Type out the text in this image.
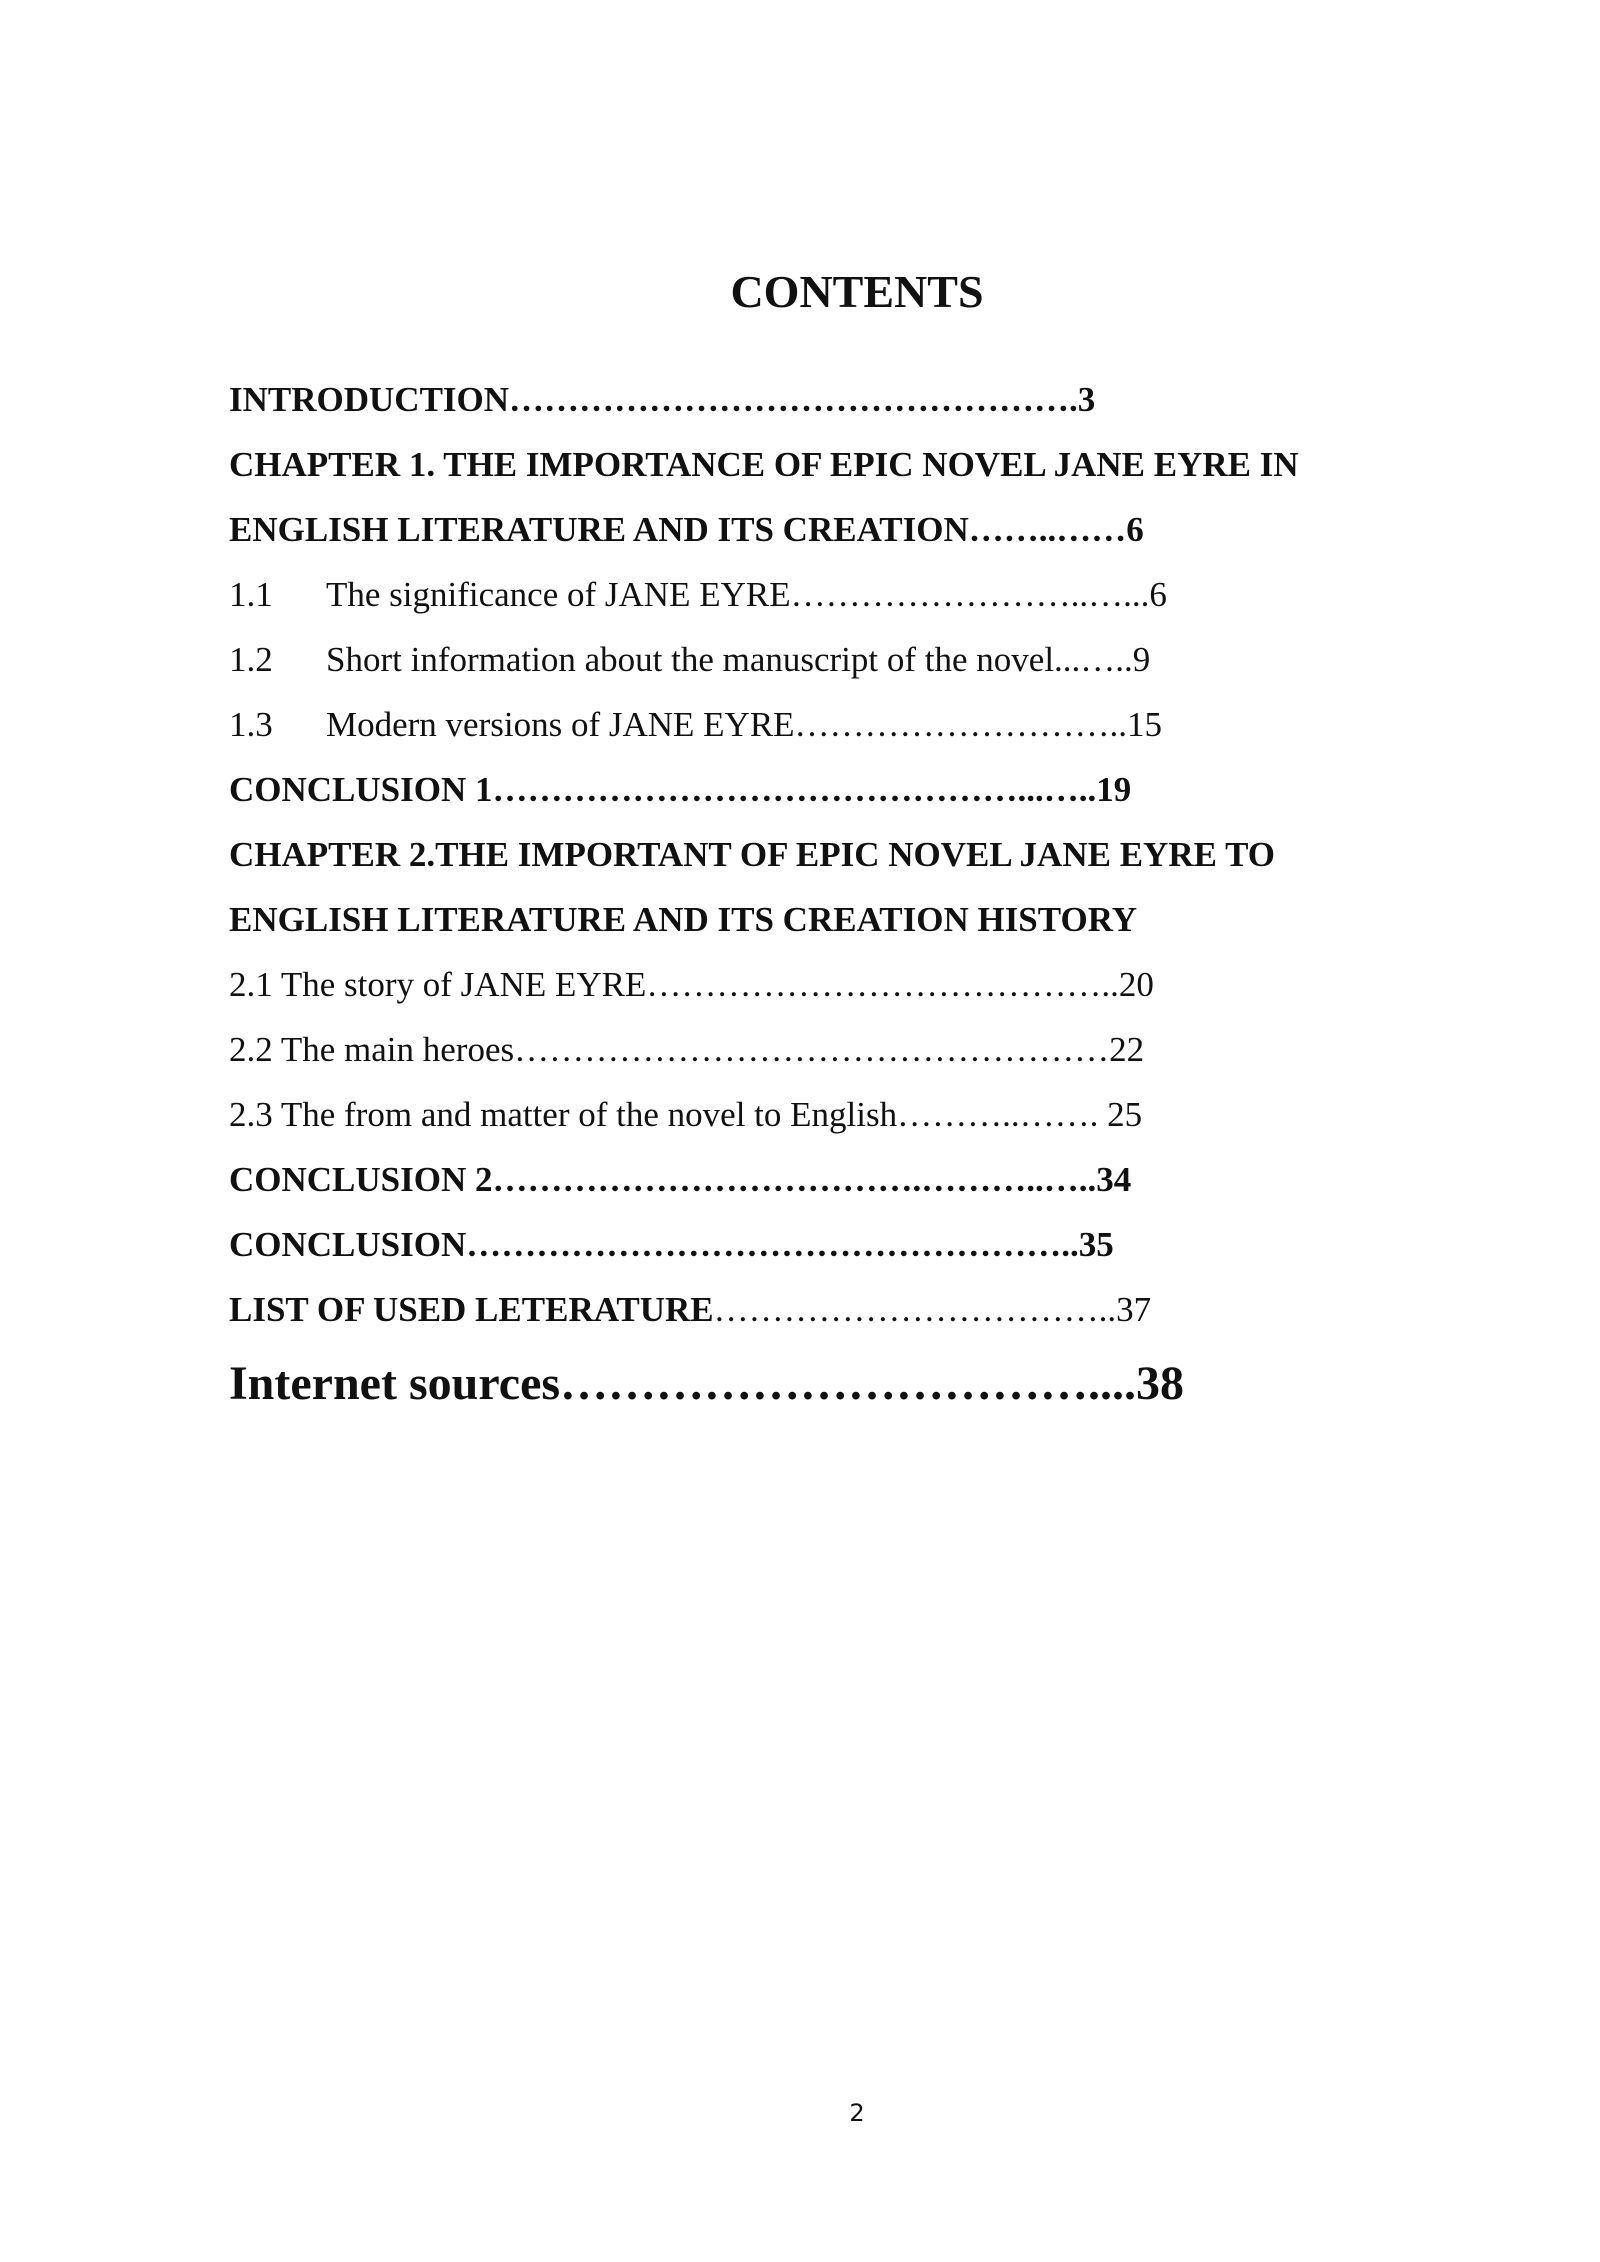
CONTENTS
INTRODUCTION………………………………………….3
CHAPTER 1. THE IMPORTANCE OF EPIC NOVEL JANE EYRE IN
ENGLISH LITERATURE AND ITS CREATION……..……6
1.1 The significance of JANE EYRE……………………..…...6
1.2 Short information about the manuscript of the novel...…..9
1.3 Modern versions of JANE EYRE………………………..15
CONCLUSION 1………………………………………...…..19
CHAPTER 2.THE IMPORTANT OF EPIC NOVEL JANE EYRE TO
ENGLISH LITERATURE AND ITS CREATION HISTORY
2.1 The story of JANE EYRE…………………………………..20
2.2 The main heroes……………………………………………22
2.3 The from and matter of the novel to English………..……. 25
CONCLUSION 2……………………………….………..…..34
CONCLUSION……………………………………………..35
LIST OF USED LETERATURE……………………………..37
Internet sources……………………………....38
2
